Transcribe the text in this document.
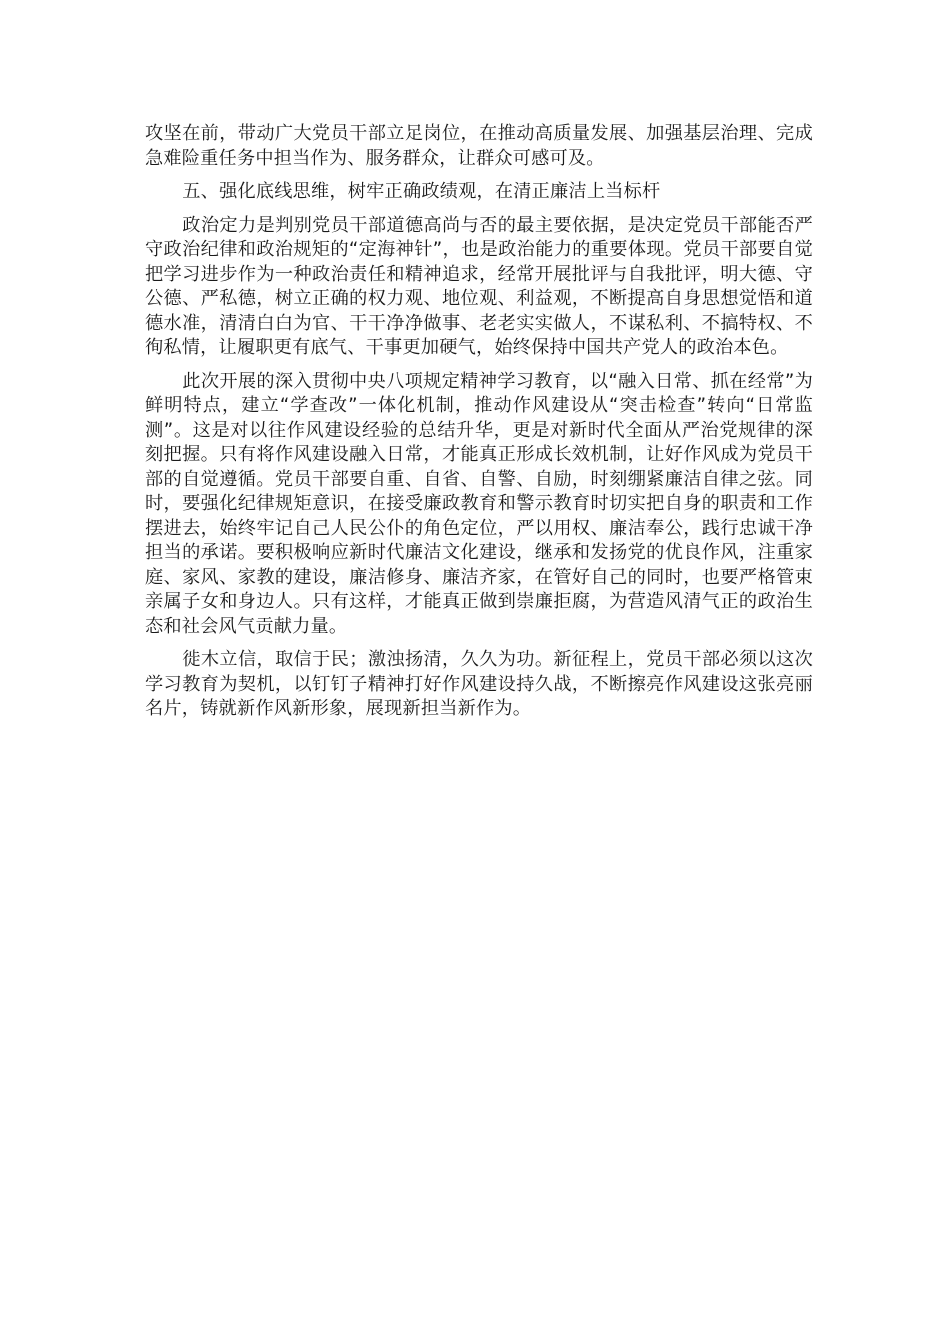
攻坚在前，带动广大党员干部立足岗位，在推动高质量发展、加强基层治理、完成急难险重任务中担当作为、服务群众，让群众可感可及。

五、强化底线思维，树牢正确政绩观，在清正廉洁上当标杆

政治定力是判别党员干部道德高尚与否的最主要依据，是决定党员干部能否严守政治纪律和政治规矩的“定海神针”，也是政治能力的重要体现。党员干部要自觉把学习进步作为一种政治责任和精神追求，经常开展批评与自我批评，明大德、守公德、严私德，树立正确的权力观、地位观、利益观，不断提高自身思想觉悟和道德水准，清清白白为官、干干净净做事、老老实实做人，不谋私利、不搞特权、不徇私情，让履职更有底气、干事更加硬气，始终保持中国共产党人的政治本色。

此次开展的深入贯彻中央八项规定精神学习教育，以“融入日常、抓在经常”为鲜明特点，建立“学查改”一体化机制，推动作风建设从“突击检查”转向“日常监测”。这是对以往作风建设经验的总结升华，更是对新时代全面从严治党规律的深刻把握。只有将作风建设融入日常，才能真正形成长效机制，让好作风成为党员干部的自觉遵循。党员干部要自重、自省、自警、自励，时刻绷紧廉洁自律之弦。同时，要强化纪律规矩意识，在接受廉政教育和警示教育时切实把自身的职责和工作摆进去，始终牢记自己人民公仆的角色定位，严以用权、廉洁奉公，践行忠诚干净担当的承诺。要积极响应新时代廉洁文化建设，继承和发扬党的优良作风，注重家庭、家风、家教的建设，廉洁修身、廉洁齐家，在管好自己的同时，也要严格管束亲属子女和身边人。只有这样，才能真正做到崇廉拒腐，为营造风清气正的政治生态和社会风气贡献力量。

徙木立信，取信于民；激浊扬清，久久为功。新征程上，党员干部必须以这次学习教育为契机，以钉钉子精神打好作风建设持久战，不断擦亮作风建设这张亮丽名片，铸就新作风新形象，展现新担当新作为。
